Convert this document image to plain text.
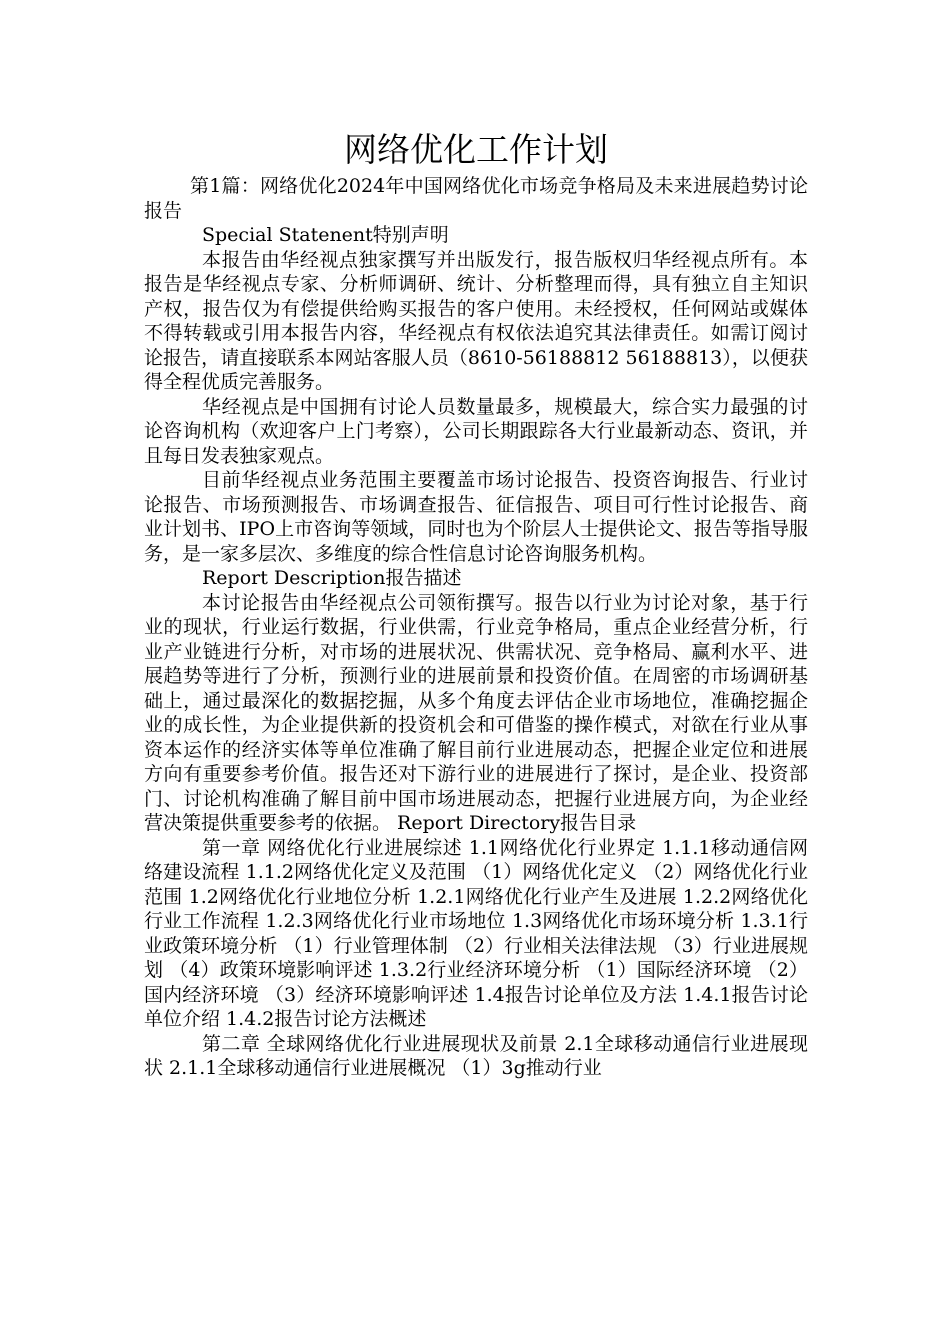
网络优化工作计划

第1篇：网络优化2024年中国网络优化市场竞争格局及未来进展趋势讨论报告

Special Statenent特别声明

本报告由华经视点独家撰写并出版发行，报告版权归华经视点所有。本报告是华经视点专家、分析师调研、统计、分析整理而得，具有独立自主知识产权，报告仅为有偿提供给购买报告的客户使用。未经授权，任何网站或媒体不得转载或引用本报告内容，华经视点有权依法追究其法律责任。如需订阅讨论报告，请直接联系本网站客服人员（8610-56188812 56188813），以便获得全程优质完善服务。

华经视点是中国拥有讨论人员数量最多，规模最大，综合实力最强的讨论咨询机构（欢迎客户上门考察），公司长期跟踪各大行业最新动态、资讯，并且每日发表独家观点。

目前华经视点业务范围主要覆盖市场讨论报告、投资咨询报告、行业讨论报告、市场预测报告、市场调查报告、征信报告、项目可行性讨论报告、商业计划书、IPO上市咨询等领域，同时也为个阶层人士提供论文、报告等指导服务，是一家多层次、多维度的综合性信息讨论咨询服务机构。

Report Description报告描述

本讨论报告由华经视点公司领衔撰写。报告以行业为讨论对象，基于行业的现状，行业运行数据，行业供需，行业竞争格局，重点企业经营分析，行业产业链进行分析，对市场的进展状况、供需状况、竞争格局、赢利水平、进展趋势等进行了分析，预测行业的进展前景和投资价值。在周密的市场调研基础上，通过最深化的数据挖掘，从多个角度去评估企业市场地位，准确挖掘企业的成长性，为企业提供新的投资机会和可借鉴的操作模式，对欲在行业从事资本运作的经济实体等单位准确了解目前行业进展动态，把握企业定位和进展方向有重要参考价值。报告还对下游行业的进展进行了探讨，是企业、投资部门、讨论机构准确了解目前中国市场进展动态，把握行业进展方向，为企业经营决策提供重要参考的依据。 Report Directory报告目录

第一章 网络优化行业进展综述 1.1网络优化行业界定 1.1.1移动通信网络建设流程 1.1.2网络优化定义及范围 （1）网络优化定义 （2）网络优化行业范围 1.2网络优化行业地位分析 1.2.1网络优化行业产生及进展 1.2.2网络优化行业工作流程 1.2.3网络优化行业市场地位 1.3网络优化市场环境分析 1.3.1行业政策环境分析 （1）行业管理体制 （2）行业相关法律法规 （3）行业进展规划 （4）政策环境影响评述 1.3.2行业经济环境分析 （1）国际经济环境 （2）国内经济环境 （3）经济环境影响评述 1.4报告讨论单位及方法 1.4.1报告讨论单位介绍 1.4.2报告讨论方法概述

第二章 全球网络优化行业进展现状及前景 2.1全球移动通信行业进展现状 2.1.1全球移动通信行业进展概况 （1）3g推动行业
